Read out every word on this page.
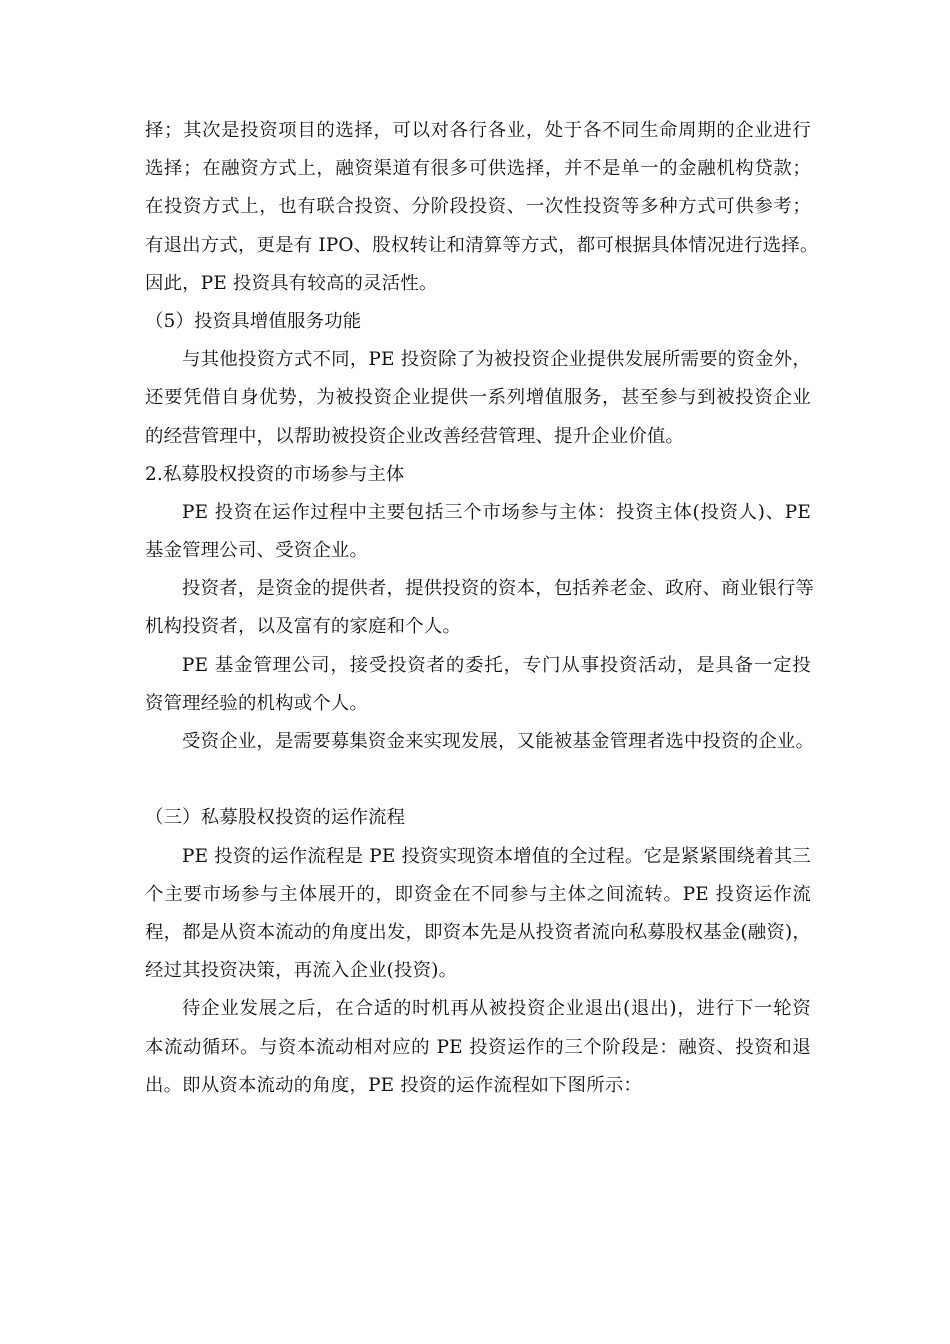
择；其次是投资项目的选择，可以对各行各业，处于各不同生命周期的企业进行
选择；在融资方式上，融资渠道有很多可供选择，并不是单一的金融机构贷款；
在投资方式上，也有联合投资、分阶段投资、一次性投资等多种方式可供参考；
有退出方式，更是有 IPO、股权转让和清算等方式，都可根据具体情况进行选择。
因此，PE 投资具有较高的灵活性。
（5）投资具增值服务功能
与其他投资方式不同，PE 投资除了为被投资企业提供发展所需要的资金外，
还要凭借自身优势，为被投资企业提供一系列增值服务，甚至参与到被投资企业
的经营管理中，以帮助被投资企业改善经营管理、提升企业价值。
2.私募股权投资的市场参与主体
PE 投资在运作过程中主要包括三个市场参与主体：投资主体(投资人)、PE
基金管理公司、受资企业。
投资者，是资金的提供者，提供投资的资本，包括养老金、政府、商业银行等
机构投资者，以及富有的家庭和个人。
PE 基金管理公司，接受投资者的委托，专门从事投资活动，是具备一定投
资管理经验的机构或个人。
受资企业，是需要募集资金来实现发展，又能被基金管理者选中投资的企业。
（三）私募股权投资的运作流程
PE 投资的运作流程是 PE 投资实现资本增值的全过程。它是紧紧围绕着其三
个主要市场参与主体展开的，即资金在不同参与主体之间流转。PE 投资运作流
程，都是从资本流动的角度出发，即资本先是从投资者流向私募股权基金(融资)，
经过其投资决策，再流入企业(投资)。
待企业发展之后，在合适的时机再从被投资企业退出(退出)，进行下一轮资
本流动循环。与资本流动相对应的 PE 投资运作的三个阶段是：融资、投资和退
出。即从资本流动的角度，PE 投资的运作流程如下图所示：
